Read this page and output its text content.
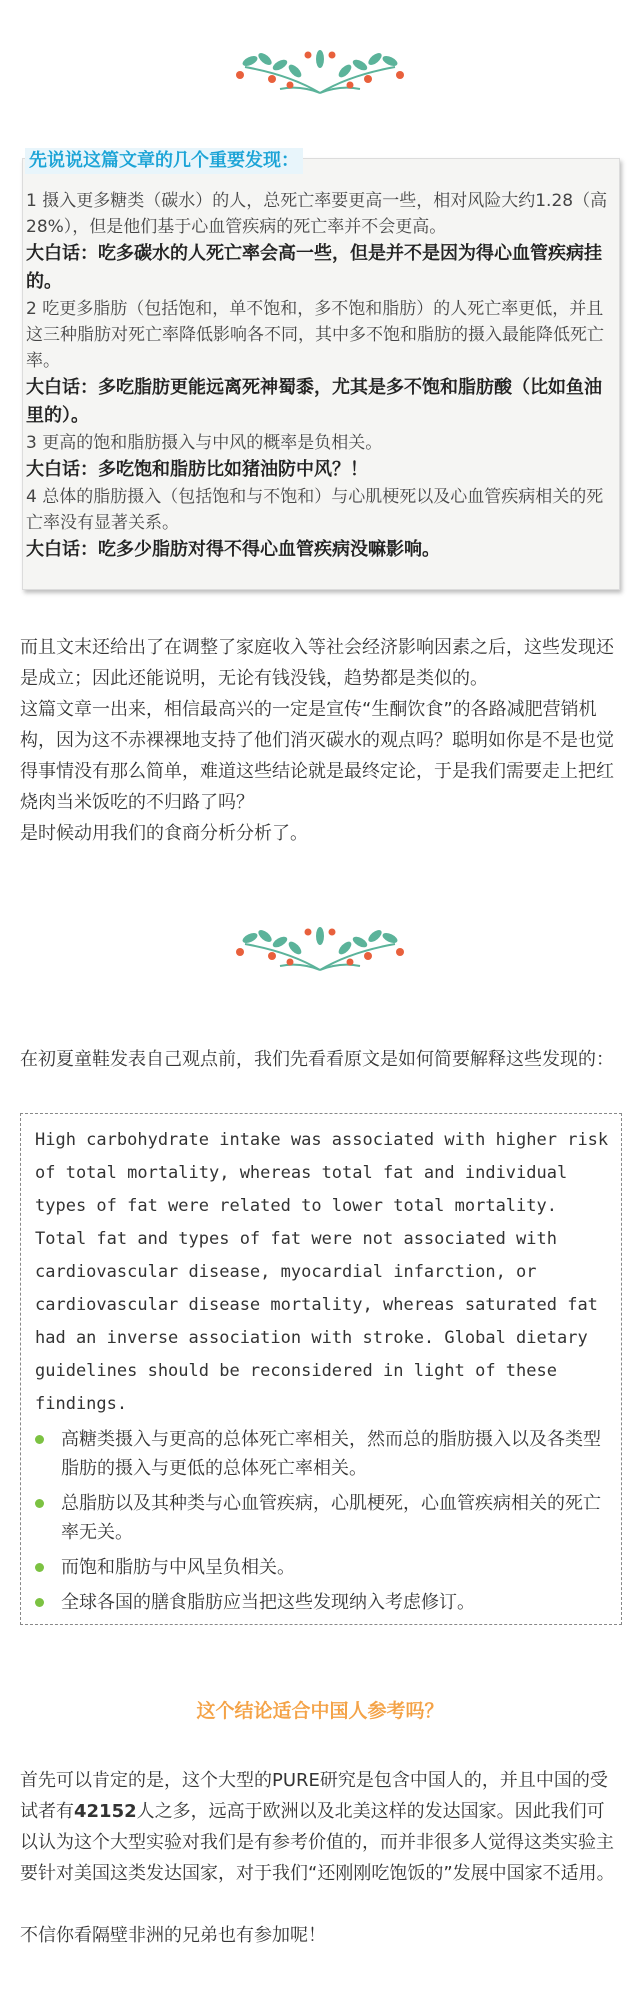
先说说这篇文章的几个重要发现：

1 摄入更多糖类（碳水）的人，总死亡率要更高一些，相对风险大约1.28（高28%），但是他们基于心血管疾病的死亡率并不会更高。

大白话：吃多碳水的人死亡率会高一些，但是并不是因为得心血管疾病挂的。

2 吃更多脂肪（包括饱和，单不饱和，多不饱和脂肪）的人死亡率更低，并且这三种脂肪对死亡率降低影响各不同，其中多不饱和脂肪的摄入最能降低死亡率。

大白话：多吃脂肪更能远离死神蜀黍，尤其是多不饱和脂肪酸（比如鱼油里的）。

3 更高的饱和脂肪摄入与中风的概率是负相关。

大白话：多吃饱和脂肪比如猪油防中风？！

4 总体的脂肪摄入（包括饱和与不饱和）与心肌梗死以及心血管疾病相关的死亡率没有显著关系。

大白话：吃多少脂肪对得不得心血管疾病没嘛影响。

而且文末还给出了在调整了家庭收入等社会经济影响因素之后，这些发现还是成立；因此还能说明，无论有钱没钱，趋势都是类似的。

这篇文章一出来，相信最高兴的一定是宣传“生酮饮食”的各路减肥营销机构，因为这不赤裸裸地支持了他们消灭碳水的观点吗？聪明如你是不是也觉得事情没有那么简单，难道这些结论就是最终定论，于是我们需要走上把红烧肉当米饭吃的不归路了吗？

是时候动用我们的食商分析分析了。

在初夏童鞋发表自己观点前，我们先看看原文是如何简要解释这些发现的：

High carbohydrate intake was associated with higher risk of total mortality, whereas total fat and individual types of fat were related to lower total mortality. Total fat and types of fat were not associated with cardiovascular disease, myocardial infarction, or cardiovascular disease mortality, whereas saturated fat had an inverse association with stroke. Global dietary guidelines should be reconsidered in light of these findings.
高糖类摄入与更高的总体死亡率相关，然而总的脂肪摄入以及各类型脂肪的摄入与更低的总体死亡率相关。
总脂肪以及其种类与心血管疾病，心肌梗死，心血管疾病相关的死亡率无关。
而饱和脂肪与中风呈负相关。
全球各国的膳食脂肪应当把这些发现纳入考虑修订。
这个结论适合中国人参考吗？

首先可以肯定的是，这个大型的PURE研究是包含中国人的，并且中国的受试者有42152人之多，远高于欧洲以及北美这样的发达国家。因此我们可以认为这个大型实验对我们是有参考价值的，而并非很多人觉得这类实验主要针对美国这类发达国家，对于我们“还刚刚吃饱饭的”发展中国家不适用。

不信你看隔壁非洲的兄弟也有参加呢！
